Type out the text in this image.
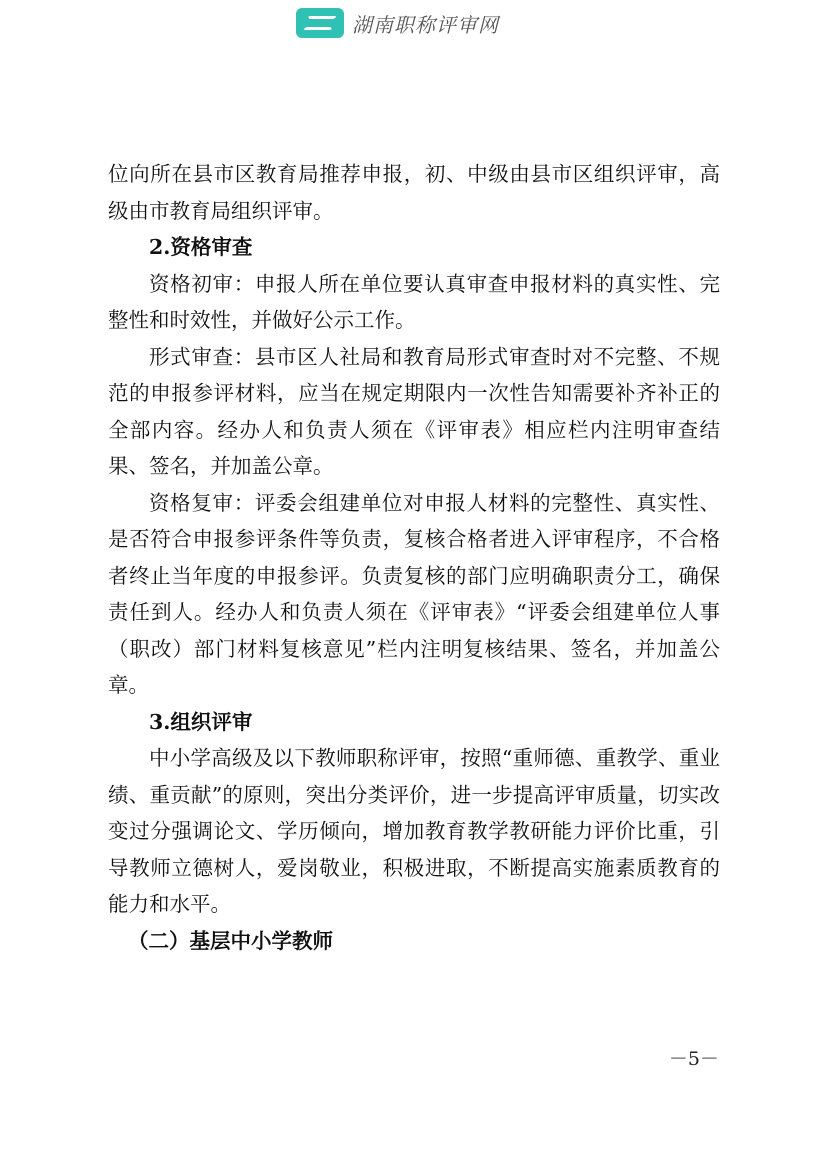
湖南职称评审网

位向所在县市区教育局推荐申报，初、中级由县市区组织评审，高级由市教育局组织评审。

2.资格审查

资格初审：申报人所在单位要认真审查申报材料的真实性、完整性和时效性，并做好公示工作。

形式审查：县市区人社局和教育局形式审查时对不完整、不规范的申报参评材料，应当在规定期限内一次性告知需要补齐补正的全部内容。经办人和负责人须在《评审表》相应栏内注明审查结果、签名，并加盖公章。

资格复审：评委会组建单位对申报人材料的完整性、真实性、是否符合申报参评条件等负责，复核合格者进入评审程序，不合格者终止当年度的申报参评。负责复核的部门应明确职责分工，确保责任到人。经办人和负责人须在《评审表》“评委会组建单位人事（职改）部门材料复核意见”栏内注明复核结果、签名，并加盖公章。

3.组织评审

中小学高级及以下教师职称评审，按照“重师德、重教学、重业绩、重贡献”的原则，突出分类评价，进一步提高评审质量，切实改变过分强调论文、学历倾向，增加教育教学教研能力评价比重，引导教师立德树人，爱岗敬业，积极进取，不断提高实施素质教育的能力和水平。

（二）基层中小学教师

－5－
